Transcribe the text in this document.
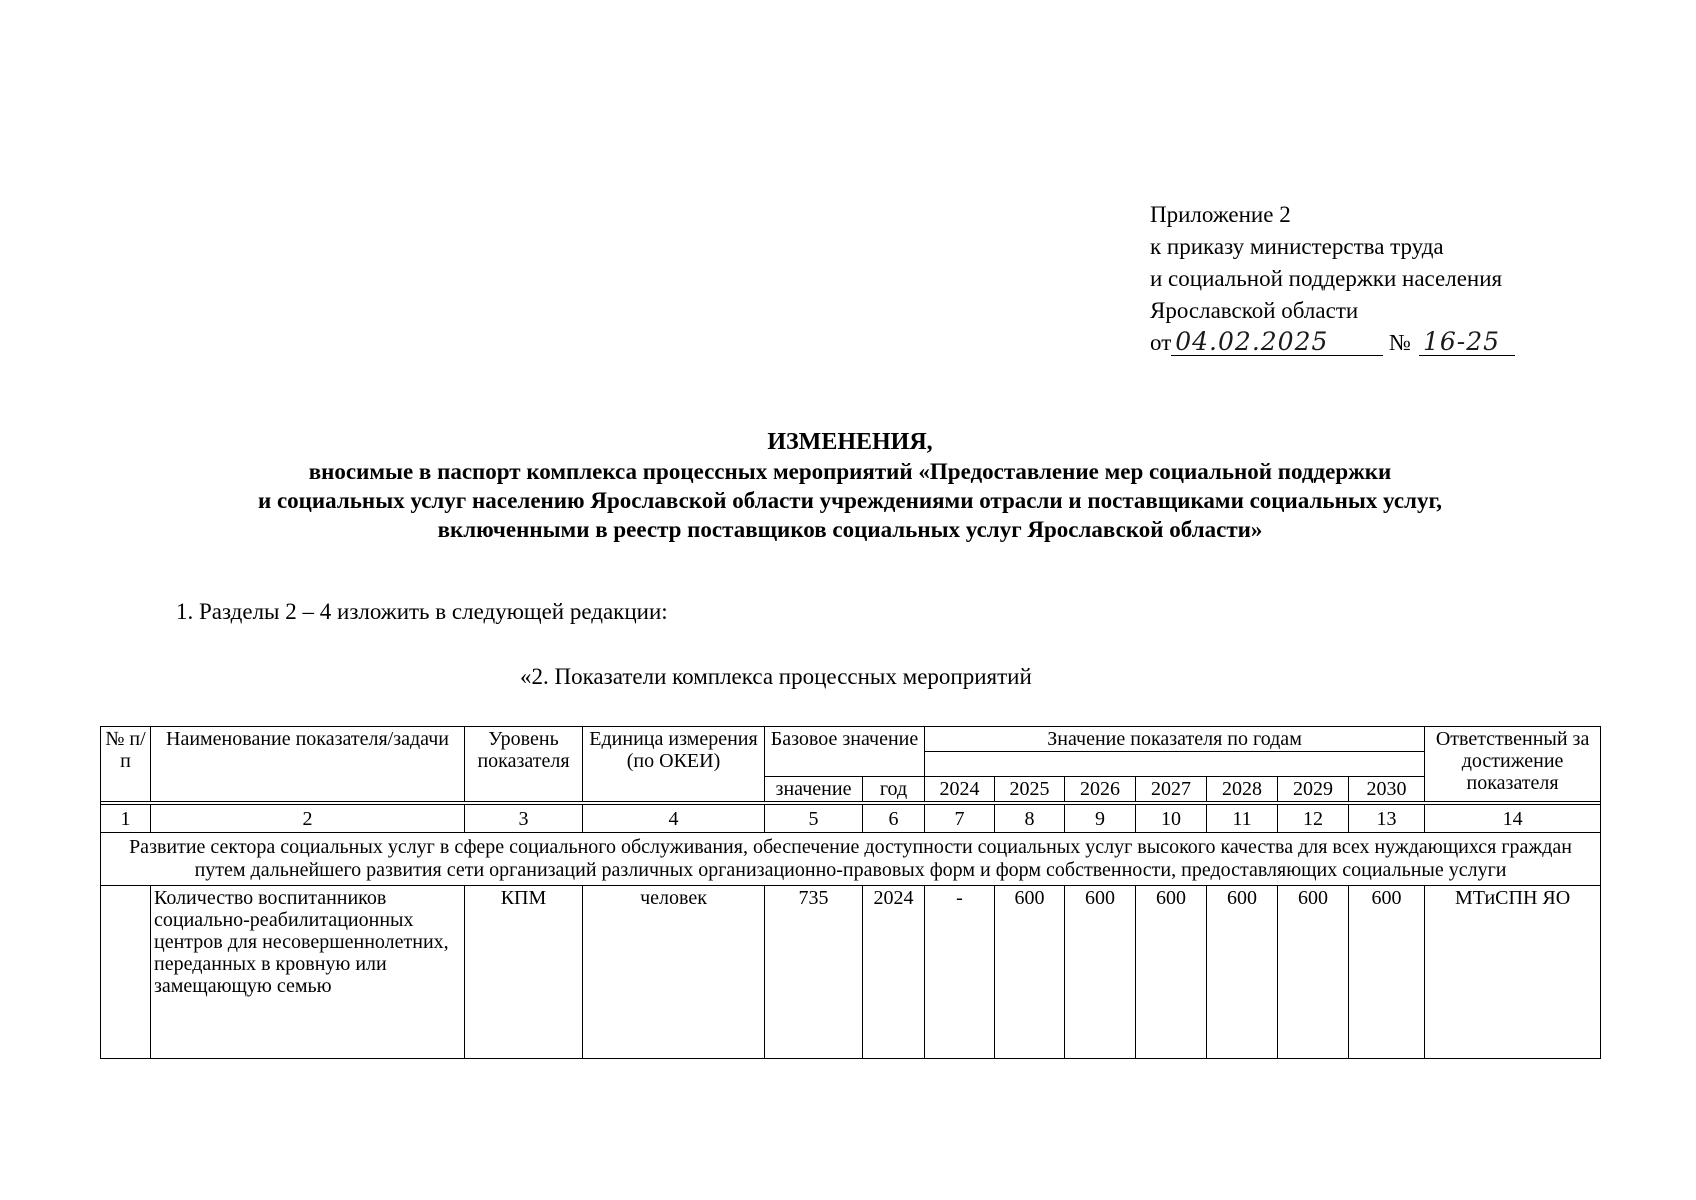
Приложение 2
к приказу министерства труда
и социальной поддержки населения
Ярославской области
от 04.02.2025	№ 16-25
ИЗМЕНЕНИЯ,
вносимые в паспорт комплекса процессных мероприятий «Предоставление мер социальной поддержки
и социальных услуг населению Ярославской области учреждениями отрасли и поставщиками социальных услуг,
включенными в реестр поставщиков социальных услуг Ярославской области»
1. Разделы 2 – 4 изложить в следующей редакции:
«2. Показатели комплекса процессных мероприятий
№ п/п	Наименование показателя/задачи	Уровень показателя	Единица измерения (по ОКЕИ)	Базовое значение		Значение показателя по годам							Ответственный за достижение показателя

				значение	год	2024	2025	2026	2027	2028	2029	2030	

1	2	3	4	5	6	7	8	9	10	11	12	13	14
Развитие сектора социальных услуг в сфере социального обслуживания, обеспечение доступности социальных услуг высокого качества для всех нуждающихся граждан путем дальнейшего развития сети организаций различных организационно-правовых форм и форм собственности, предоставляющих социальные услуги													
	Количество воспитанников социально-реабилитационных центров для несовершеннолетних, переданных в кровную или замещающую семью	КПМ	человек	735	2024	-	600	600	600	600	600	600	МТиСПН ЯО
